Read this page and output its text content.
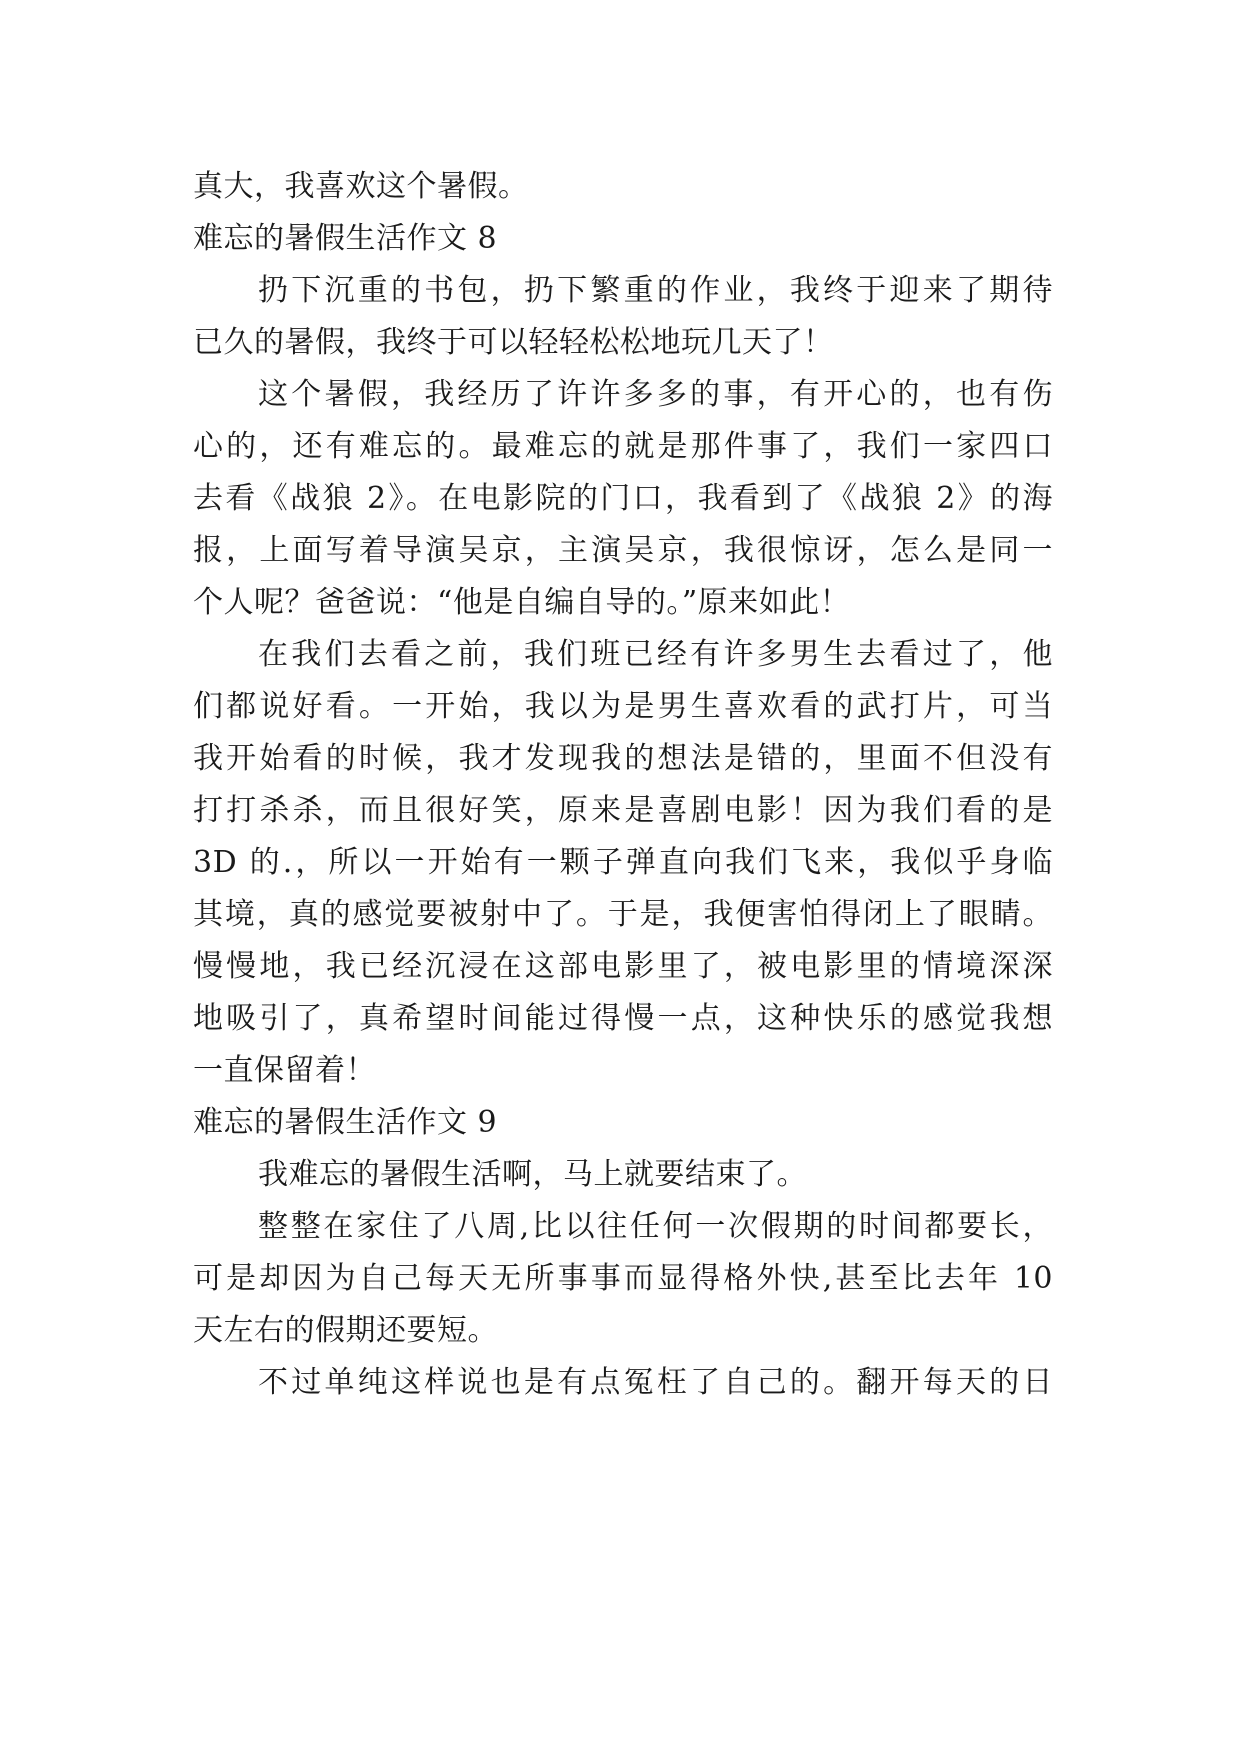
真大，我喜欢这个暑假。
难忘的暑假生活作文 8
扔下沉重的书包，扔下繁重的作业，我终于迎来了期待
已久的暑假，我终于可以轻轻松松地玩几天了！
这个暑假，我经历了许许多多的事，有开心的，也有伤
心的，还有难忘的。最难忘的就是那件事了，我们一家四口
去看《战狼 2》。在电影院的门口，我看到了《战狼 2》的海
报，上面写着导演吴京，主演吴京，我很惊讶，怎么是同一
个人呢？爸爸说：“他是自编自导的。”原来如此！
在我们去看之前，我们班已经有许多男生去看过了，他
们都说好看。一开始，我以为是男生喜欢看的武打片，可当
我开始看的时候，我才发现我的想法是错的，里面不但没有
打打杀杀，而且很好笑，原来是喜剧电影！因为我们看的是
3D 的.，所以一开始有一颗子弹直向我们飞来，我似乎身临
其境，真的感觉要被射中了。于是，我便害怕得闭上了眼睛。
慢慢地，我已经沉浸在这部电影里了，被电影里的情境深深
地吸引了，真希望时间能过得慢一点，这种快乐的感觉我想
一直保留着！
难忘的暑假生活作文 9
我难忘的暑假生活啊，马上就要结束了。
整整在家住了八周,比以往任何一次假期的时间都要长，
可是却因为自己每天无所事事而显得格外快,甚至比去年 10
天左右的假期还要短。
不过单纯这样说也是有点冤枉了自己的。翻开每天的日
